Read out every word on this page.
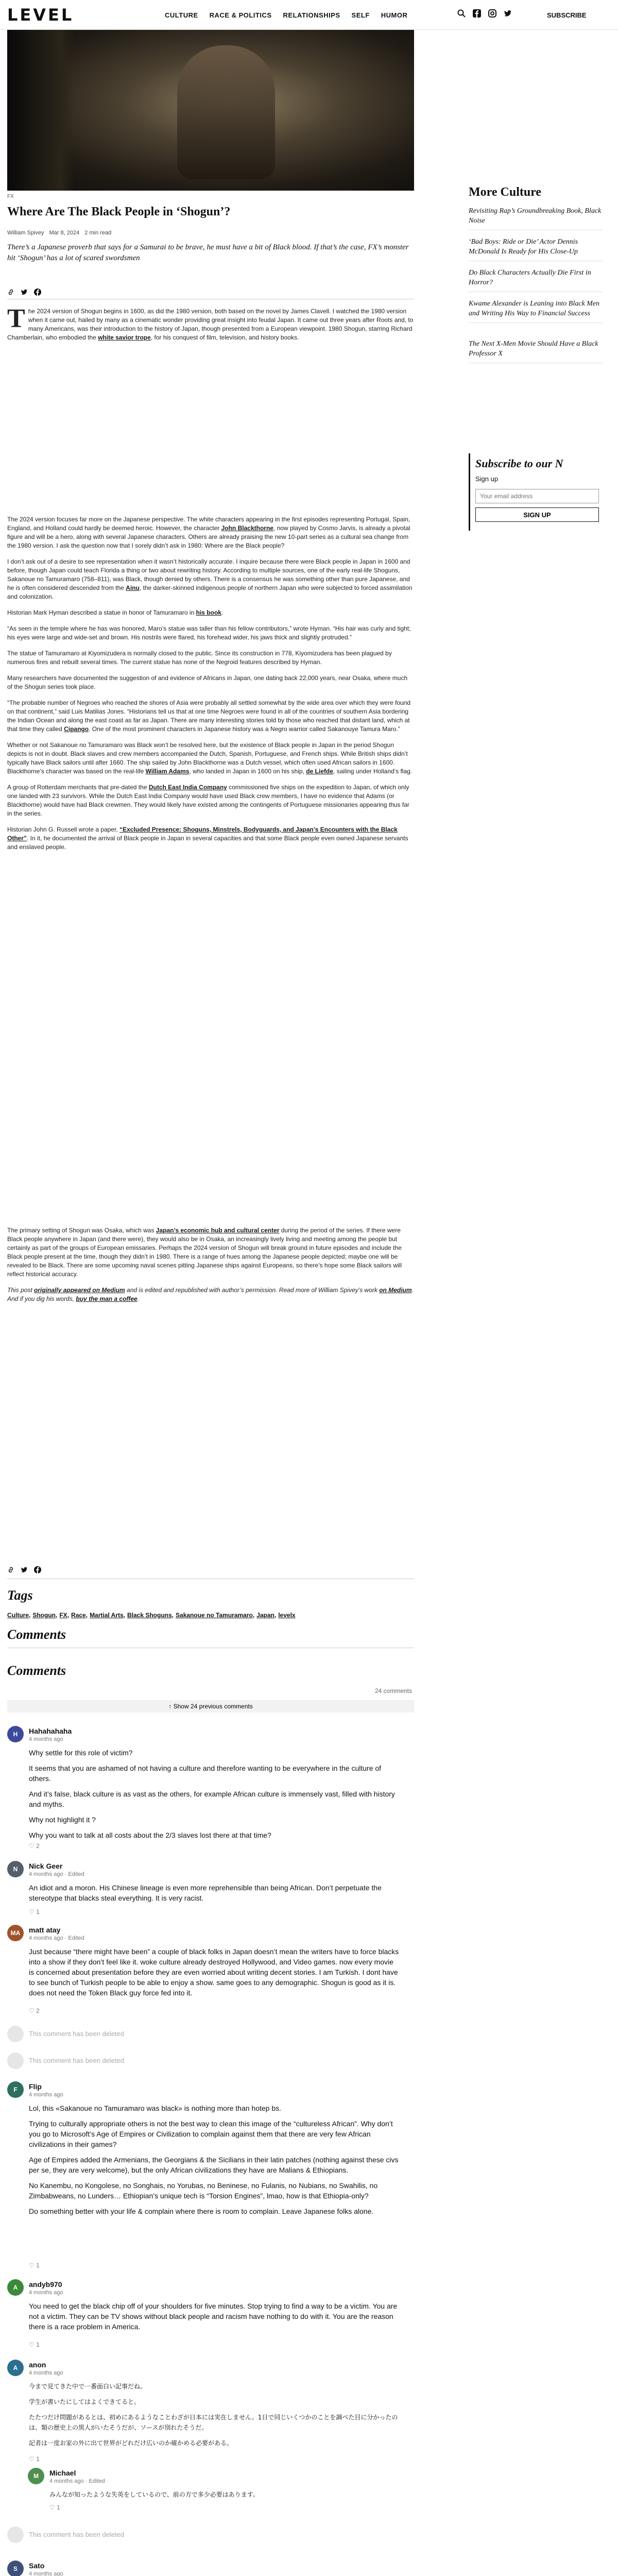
LEVEL	CULTURE RACE & POLITICS RELATIONSHIPS SELF HUMOR	SUBSCRIBE
FX
Where Are The Black People in ‘Shogun’?
William Spivey Mar 8, 2024 2 min read

There’s a Japanese proverb that says for a Samurai to be brave, he must have a bit of Black blood. If that’s the case, FX’s monster hit ‘Shogun’ has a lot of scared swordsmen

The 2024 version of Shogun begins in 1600, as did the 1980 version, both based on the novel by James Clavell. I watched the 1980 version when it came out, hailed by many as a cinematic wonder providing great insight into feudal Japan. It came out three years after Roots and, to many Americans, was their introduction to the history of Japan, though presented from a European viewpoint. 1980 Shogun, starring Richard Chamberlain, who embodied the white savior trope, for his conquest of film, television, and history books.

The 2024 version focuses far more on the Japanese perspective. The white characters appearing in the first episodes representing Portugal, Spain, England, and Holland could hardly be deemed heroic. However, the character John Blackthorne, now played by Cosmo Jarvis, is already a pivotal figure and will be a hero, along with several Japanese characters. Others are already praising the new 10-part series as a cultural sea change from the 1980 version. I ask the question now that I sorely didn’t ask in 1980: Where are the Black people?

I don’t ask out of a desire to see representation when it wasn’t historically accurate. I inquire because there were Black people in Japan in 1600 and before, though Japan could teach Florida a thing or two about rewriting history. According to multiple sources, one of the early real-life Shoguns, Sakanoue no Tamuramaro (758–811), was Black, though denied by others. There is a consensus he was something other than pure Japanese, and he is often considered descended from the Ainu, the darker-skinned indigenous people of northern Japan who were subjected to forced assimilation and colonization.

Historian Mark Hyman described a statue in honor of Tamuramaro in his book.

“As seen in the temple where he has was honored, Maro’s statue was taller than his fellow contributors,” wrote Hyman. “His hair was curly and tight; his eyes were large and wide-set and brown. His nostrils were flared, his forehead wider, his jaws thick and slightly protruded.”

The statue of Tamuramaro at Kiyomizudera is normally closed to the public. Since its construction in 778, Kiyomizudera has been plagued by numerous fires and rebuilt several times. The current statue has none of the Negroid features described by Hyman.

Many researchers have documented the suggestion of and evidence of Africans in Japan, one dating back 22,000 years, near Osaka, where much of the Shogun series took place.

“The probable number of Negroes who reached the shores of Asia were probably all settled somewhat by the wide area over which they were found on that continent,” said Luis Matilias Jones. “Historians tell us that at one time Negroes were found in all of the countries of southern Asia bordering the Indian Ocean and along the east coast as far as Japan. There are many interesting stories told by those who reached that distant land, which at that time they called Cipango. One of the most prominent characters in Japanese history was a Negro warrior called Sakanouye Tamura Maro.”

Whether or not Sakanoue no Tamuramaro was Black won’t be resolved here, but the existence of Black people in Japan in the period Shogun depicts is not in doubt. Black slaves and crew members accompanied the Dutch, Spanish, Portuguese, and French ships. While British ships didn’t typically have Black sailors until after 1660. The ship sailed by John Blackthorne was a Dutch vessel, which often used African sailors in 1600. Blackthorne’s character was based on the real-life William Adams, who landed in Japan in 1600 on his ship, de Liefde, sailing under Holland’s flag.

A group of Rotterdam merchants that pre-dated the Dutch East India Company commissioned five ships on the expedition to Japan, of which only one landed with 23 survivors. While the Dutch East India Company would have used Black crew members, I have no evidence that Adams (or Blackthorne) would have had Black crewmen. They would likely have existed among the contingents of Portuguese missionaries appearing thus far in the series.

Historian John G. Russell wrote a paper, “Excluded Presence: Shoguns, Minstrels, Bodyguards, and Japan’s Encounters with the Black Other”. In it, he documented the arrival of Black people in Japan in several capacities and that some Black people even owned Japanese servants and enslaved people.

The primary setting of Shogun was Osaka, which was Japan’s economic hub and cultural center during the period of the series. If there were Black people anywhere in Japan (and there were), they would also be in Osaka, an increasingly lively living and meeting among the people but certainly as part of the groups of European emissaries. Perhaps the 2024 version of Shogun will break ground in future episodes and include the Black people present at the time, though they didn’t in 1980. There is a range of hues among the Japanese people depicted; maybe one will be revealed to be Black. There are some upcoming naval scenes pitting Japanese ships against Europeans, so there’s hope some Black sailors will reflect historical accuracy.

This post originally appeared on Medium and is edited and republished with author’s permission. Read more of William Spivey’s work on Medium. And if you dig his words, buy the man a coffee.

More Culture
Revisiting Rap’s Groundbreaking Book, Black Noise
‘Bad Boys: Ride or Die’ Actor Dennis McDonald Is Ready for His Close-Up
Do Black Characters Actually Die First in Horror?
Kwame Alexander is Leaning into Black Men and Writing His Way to Financial Success
The Next X-Men Movie Should Have a Black Professor X
Subscribe to our N
Sign up
Your email address
SIGN UP
Tags
Culture, Shogun, FX, Race, Martial Arts, Black Shoguns, Sakanoue no Tamuramaro, Japan, levelx
Comments
Comments
24 comments
↑ Show 24 previous comments
H	Hahahahaha
4 months ago

Why settle for this role of victim?

It seems that you are ashamed of not having a culture and therefore wanting to be everywhere in the culture of others.

And it’s false, black culture is as vast as the others, for example African culture is immensely vast, filled with history and myths.

Why not highlight it ?

Why you want to talk at all costs about the 2/3 slaves lost there at that time?

♡ 2
N	Nick Geer
4 months ago · Edited

An idiot and a moron. His Chinese lineage is even more reprehensible than being African. Don’t perpetuate the stereotype that blacks steal everything. It is very racist.

♡ 1
MA	matt atay
4 months ago · Edited

Just because “there might have been” a couple of black folks in Japan doesn’t mean the writers have to force blacks into a show if they don’t feel like it. woke culture already destroyed Hollywood, and Video games. now every movie is concerned about presentation before they are even worried about writing decent stories. I am Turkish. I dont have to see bunch of Turkish people to be able to enjoy a show. same goes to any demographic. Shogun is good as it is. does not need the Token Black guy force fed into it.

♡ 2
This comment has been deleted
This comment has been deleted
F	Flip
4 months ago

Lol, this «Sakanoue no Tamuramaro was black» is nothing more than hotep bs.

Trying to culturally appropriate others is not the best way to clean this image of the “cultureless African”. Why don’t you go to Microsoft’s Age of Empires or Civilization to complain against them that there are very few African civilizations in their games?

Age of Empires added the Armenians, the Georgians & the Sicilians in their latin patches (nothing against these civs per se, they are very welcome), but the only African civilizations they have are Malians & Ethiopians.

No Kanembu, no Kongolese, no Songhais, no Yorubas, no Beninese, no Fulanis, no Nubians, no Swahilis, no Zimbabweans, no Lunders… Ethiopian’s unique tech is “Torsion Engines”, lmao, how is that Ethiopia-only?

Do something better with your life & complain where there is room to complain. Leave Japanese folks alone.

♡ 1
A	andyb970
4 months ago

You need to get the black chip off of your shoulders for five minutes. Stop trying to find a way to be a victim. You are not a victim. They can be TV shows without black people and racism have nothing to do with it. You are the reason there is a race problem in America.

♡ 1
A	anon
4 months ago

今まで見てきた中で一番面白い記事だね。

学生が書いたにしてはよくできてると。

たたつだけ問題があるとは、初めにあるようなことわざが日本には実在しません。1日で同じいくつかのことを調べた目に分かったのは、類の歴史上の黒人がいたそうだが、ソースが別れたそうだ。

記者は一度お家の外に出て世界がどれだけ広いのか確かめる必要がある。

♡ 1
M	Michael
4 months ago · Edited

みんなが知ったような失英をしているので、前の方で多少必要はあります。

♡ 1
This comment has been deleted
S	Sato
4 months ago
